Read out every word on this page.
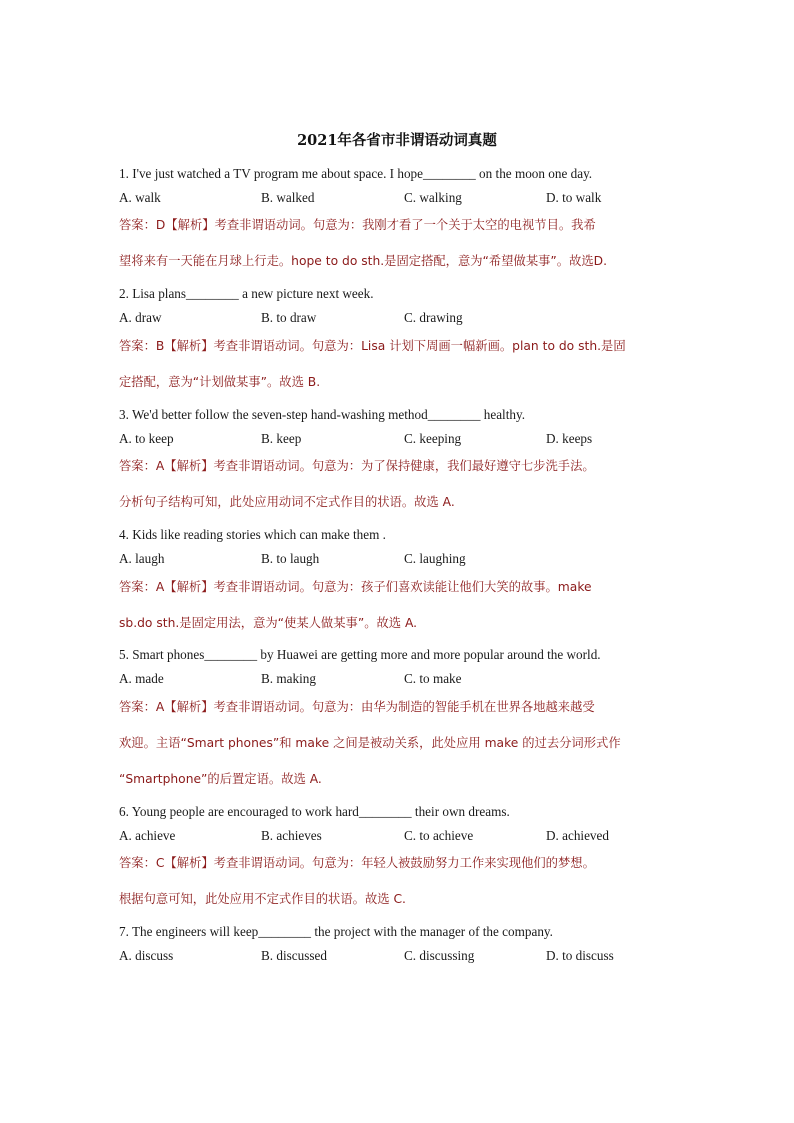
2021年各省市非谓语动词真题
1. I've just watched a TV program me about space. I hope________ on the moon one day.
A. walk	B. walked	C. walking	D. to walk
答案：D【解析】考查非谓语动词。句意为：我刚才看了一个关于太空的电视节目。我希
望将来有一天能在月球上行走。hope to do sth.是固定搭配，意为“希望做某事”。故选D.
2. Lisa plans________ a new picture next week.
A. draw	B. to draw	C. drawing
答案：B【解析】考查非谓语动词。句意为：Lisa 计划下周画一幅新画。plan to do sth.是固
定搭配，意为“计划做某事”。故选 B.
3. We'd better follow the seven-step hand-washing method________ healthy.
A. to keep	B. keep	C. keeping	D. keeps
答案：A【解析】考查非谓语动词。句意为：为了保持健康，我们最好遵守七步洗手法。
分析句子结构可知，此处应用动词不定式作目的状语。故选 A.
4. Kids like reading stories which can make them .
A. laugh	B. to laugh	C. laughing
答案：A【解析】考查非谓语动词。句意为：孩子们喜欢读能让他们大笑的故事。make
sb.do sth.是固定用法，意为“使某人做某事”。故选 A.
5. Smart phones________ by Huawei are getting more and more popular around the world.
A. made	B. making	C. to make
答案：A【解析】考查非谓语动词。句意为：由华为制造的智能手机在世界各地越来越受
欢迎。主语“Smart phones”和 make 之间是被动关系，此处应用 make 的过去分词形式作
“Smartphone”的后置定语。故选 A.
6. Young people are encouraged to work hard________ their own dreams.
A. achieve	B. achieves	C. to achieve	D. achieved
答案：C【解析】考查非谓语动词。句意为：年轻人被鼓励努力工作来实现他们的梦想。
根据句意可知，此处应用不定式作目的状语。故选 C.
7. The engineers will keep________ the project with the manager of the company.
A. discuss	B. discussed	C. discussing	D. to discuss
